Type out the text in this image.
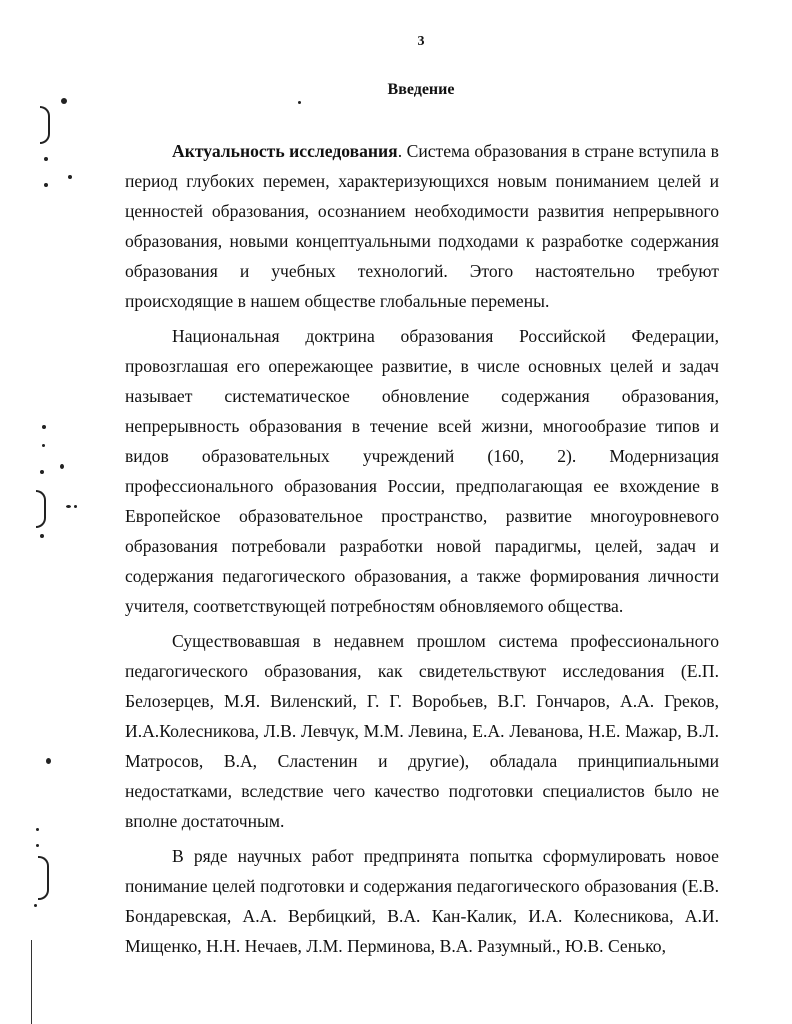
3
Введение

Актуальность исследования. Система образования в стране вступила в период глубоких перемен, характеризующихся новым пониманием целей и ценностей образования, осознанием необходимости развития непрерывного образования, новыми концептуальными подходами к разработке содержания образования и учебных технологий. Этого настоятельно требуют происходящие в нашем обществе глобальные перемены.

Национальная доктрина образования Российской Федерации, провозглашая его опережающее развитие, в числе основных целей и задач называет систематическое обновление содержания образования, непрерывность образования в течение всей жизни, многообразие типов и видов образовательных учреждений (160, 2). Модернизация профессионального образования России, предполагающая ее вхождение в Европейское образовательное пространство, развитие многоуровневого образования потребовали разработки новой парадигмы, целей, задач и содержания педагогического образования, а также формирования личности учителя, соответствующей потребностям обновляемого общества.

Существовавшая в недавнем прошлом система профессионального педагогического образования, как свидетельствуют исследования (Е.П. Белозерцев, М.Я. Виленский, Г. Г. Воробьев, В.Г. Гончаров, А.А. Греков, И.А.Колесникова, Л.В. Левчук, М.М. Левина, Е.А. Леванова, Н.Е. Мажар, В.Л. Матросов, В.А, Сластенин и другие), обладала принципиальными недостатками, вследствие чего качество подготовки специалистов было не вполне достаточным.

В ряде научных работ предпринята попытка сформулировать новое понимание целей подготовки и содержания педагогического образования (Е.В. Бондаревская, А.А. Вербицкий, В.А. Кан-Калик, И.А. Колесникова, А.И. Мищенко, Н.Н. Нечаев, Л.М. Перминова, В.А. Разумный., Ю.В. Сенько,
